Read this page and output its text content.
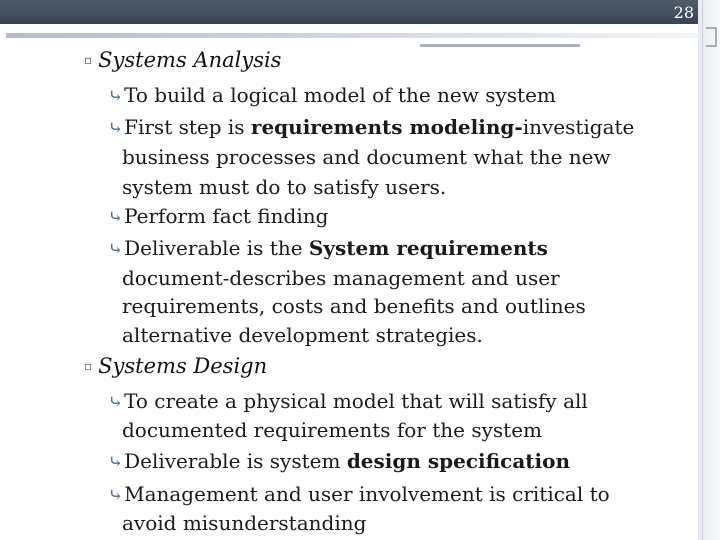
28
▫ Systems Analysis
⤷To build a logical model of the new system
⤷First step is requirements modeling-investigate
business processes and document what the new
system must do to satisfy users.
⤷Perform fact finding
⤷Deliverable is the System requirements
document-describes management and user
requirements, costs and benefits and outlines
alternative development strategies.
▫ Systems Design
⤷To create a physical model that will satisfy all
documented requirements for the system
⤷Deliverable is system design specification
⤷Management and user involvement is critical to
avoid misunderstanding
